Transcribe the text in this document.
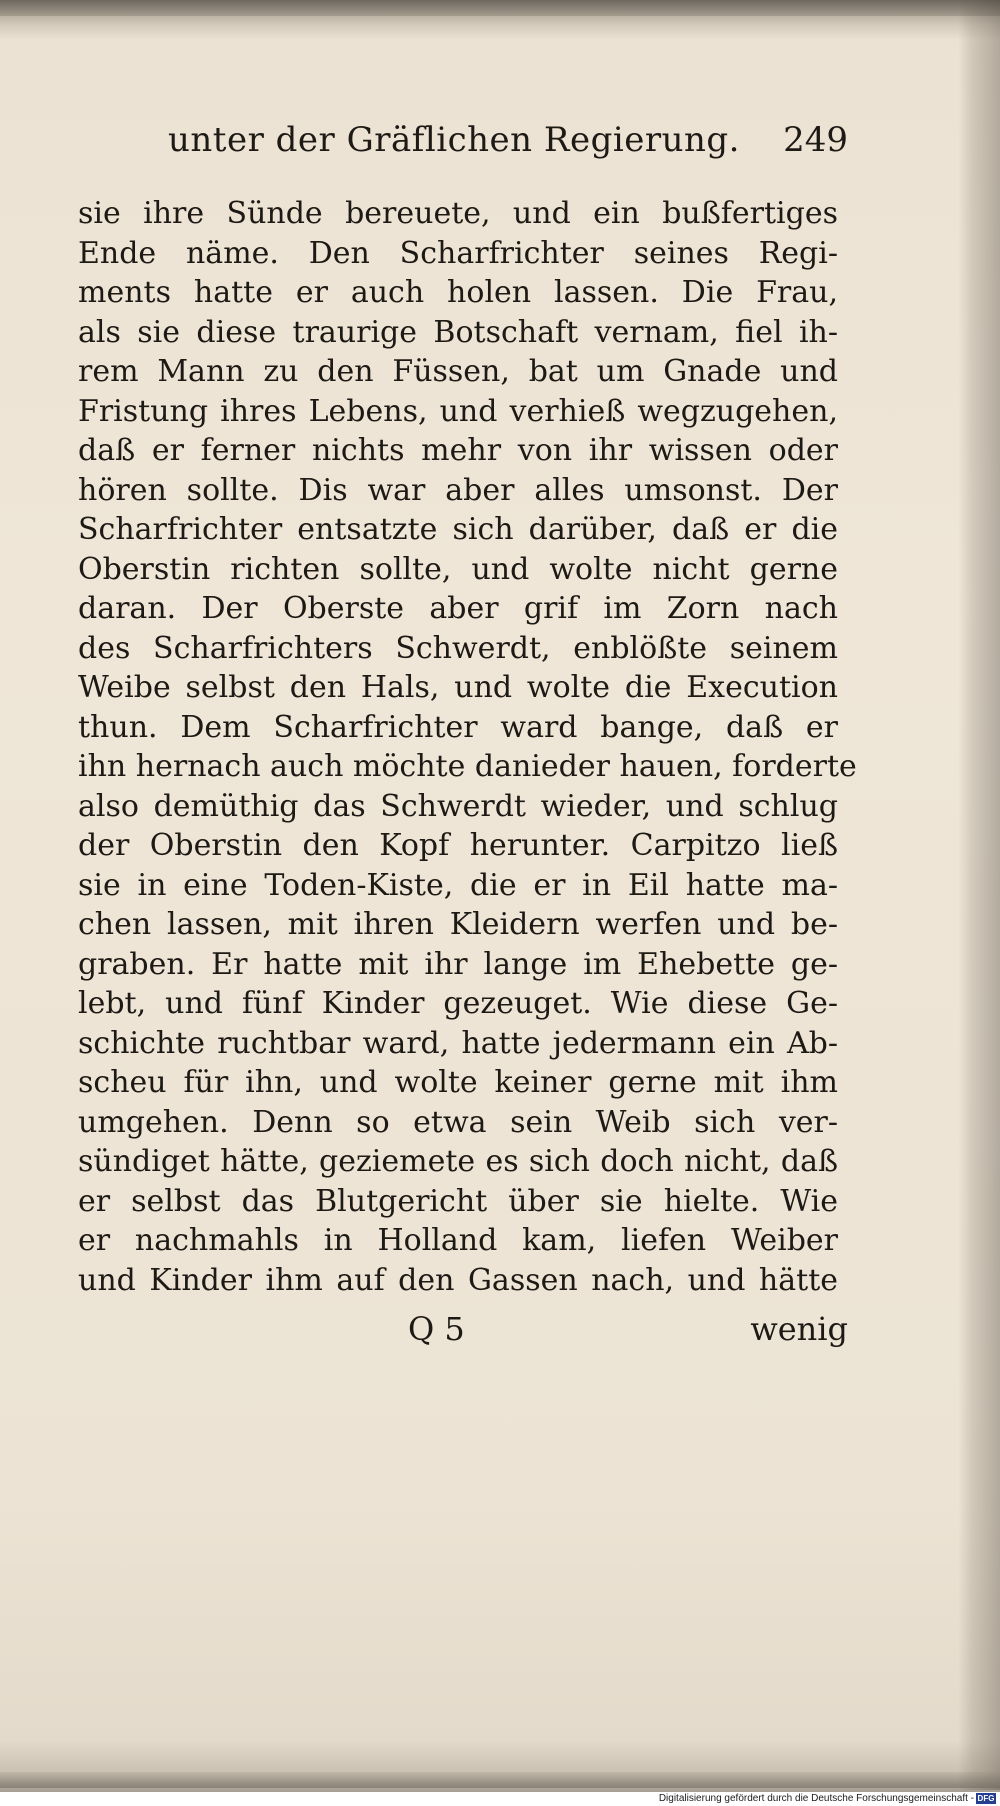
unter der Gräflichen Regierung. 249
sie ihre Sünde bereuete, und ein bußfertiges
Ende näme. Den Scharfrichter seines Regi-
ments hatte er auch holen lassen. Die Frau,
als sie diese traurige Botschaft vernam, fiel ih-
rem Mann zu den Füssen, bat um Gnade und
Fristung ihres Lebens, und verhieß wegzugehen,
daß er ferner nichts mehr von ihr wissen oder
hören sollte. Dis war aber alles umsonst. Der
Scharfrichter entsatzte sich darüber, daß er die
Oberstin richten sollte, und wolte nicht gerne
daran. Der Oberste aber grif im Zorn nach
des Scharfrichters Schwerdt, enblößte seinem
Weibe selbst den Hals, und wolte die Execution
thun. Dem Scharfrichter ward bange, daß er
ihn hernach auch möchte danieder hauen, forderte
also demüthig das Schwerdt wieder, und schlug
der Oberstin den Kopf herunter. Carpitzo ließ
sie in eine Toden-Kiste, die er in Eil hatte ma-
chen lassen, mit ihren Kleidern werfen und be-
graben. Er hatte mit ihr lange im Ehebette ge-
lebt, und fünf Kinder gezeuget. Wie diese Ge-
schichte ruchtbar ward, hatte jedermann ein Ab-
scheu für ihn, und wolte keiner gerne mit ihm
umgehen. Denn so etwa sein Weib sich ver-
sündiget hätte, geziemete es sich doch nicht, daß
er selbst das Blutgericht über sie hielte. Wie
er nachmahls in Holland kam, liefen Weiber
und Kinder ihm auf den Gassen nach, und hätte
Q 5	wenig
Digitalisierung gefördert durch die Deutsche Forschungsgemeinschaft - DFG
